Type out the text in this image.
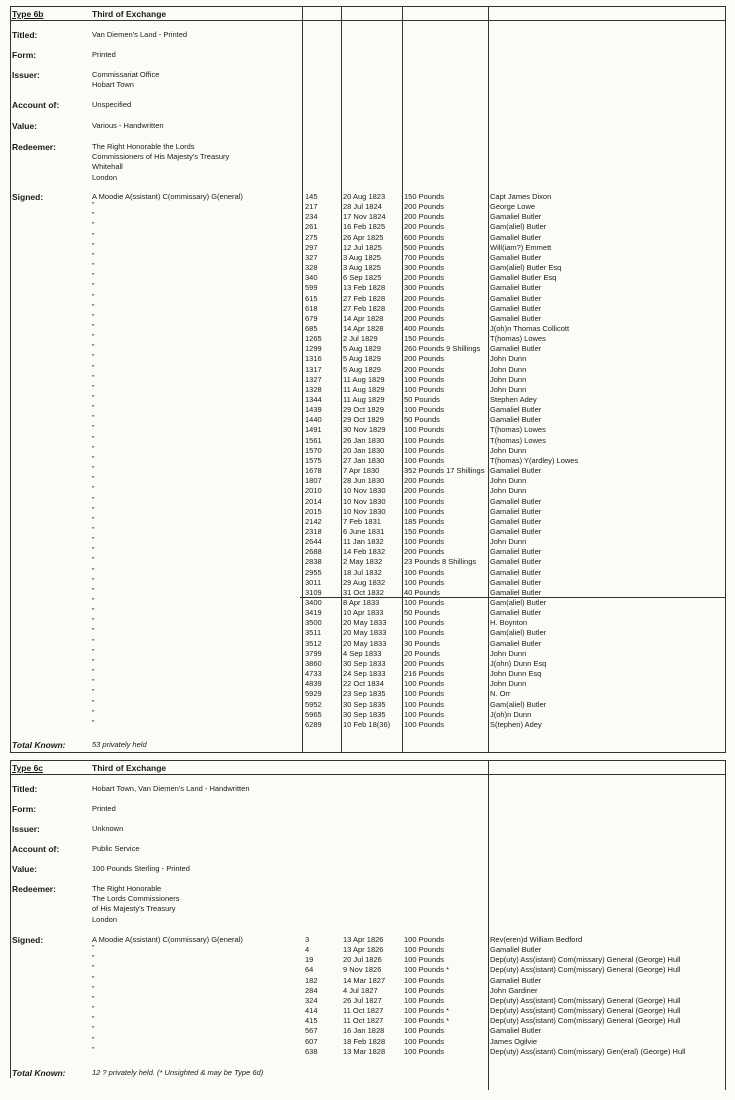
Type 6b	Third of Exchange
Titled:	Van Diemen's Land - Printed
Form:	Printed
Issuer:	Commissariat Office
Hobart Town
Account of:	Unspecified
Value:	Various - Handwritten
Redeemer:	The Right Honorable the Lords
Commissioners of His Majesty's Treasury
Whitehall
London
Signed:	A Moodie A(ssistant) C(ommissary) G(eneral)	145	20 Aug 1823	150 Pounds	Capt James Dixon
"	217	28 Jul 1824	200 Pounds	George Lowe
"	234	17 Nov 1824 200 Pounds	Gamaliel Butler
"	261	16 Feb 1825	200 Pounds	Gam(aliel) Butler
"	275	26 Apr 1825	600 Pounds	Gamaliel Butler
"	297	12 Jul 1825	500 Pounds	Will(iam?) Emmett
"	327	3 Aug 1825	700 Pounds	Gamaliel Butler
"	328	3 Aug 1825	300 Pounds	Gam(aliel) Butler Esq
"	340	6 Sep 1825	200 Pounds	Gamaliel Butler Esq
"	599	13 Feb 1828	300 Pounds	Gamaliel Butler
"	615	27 Feb 1828	200 Pounds	Gamaliel Butler
"	618	27 Feb 1828	200 Pounds	Gamaliel Butler
"	679	14 Apr 1828	200 Pounds	Gamaliel Butler
"	685	14 Apr 1828	400 Pounds	J(oh)n Thomas Collicott
"	1265	2 Jul 1829	150 Pounds	T(homas) Lowes
"	1299	5 Aug 1829	260 Pounds 9 Shillings Gamaliel Butler
"	1316	5 Aug 1829	200 Pounds	John Dunn
"	1317	5 Aug 1829	200 Pounds	John Dunn
"	1327	11 Aug 1829	100 Pounds	John Dunn
"	1328	11 Aug 1829	100 Pounds	John Dunn
"	1344	11 Aug 1829	50 Pounds	Stephen Adey
"	1439	29 Oct 1829	100 Pounds	Gamaliel Butler
"	1440	29 Oct 1829	50 Pounds	Gamaliel Butler
"	1491	30 Nov 1829 100 Pounds	T(homas) Lowes
"	1561	26 Jan 1830	100 Pounds	T(homas) Lowes
"	1570	20 Jan 1830	100 Pounds	John Dunn
"	1575	27 Jan 1830	100 Pounds	T(homas) Y(ardley) Lowes
"	1678	7 Apr 1830	352 Pounds 17 Shillings Gamaliel Butler
"	1807	28 Jun 1830	200 Pounds	John Dunn
"	2010	10 Nov 1830 200 Pounds	John Dunn
"	2014	10 Nov 1830 100 Pounds	Gamaliel Butler
"	2015	10 Nov 1830 100 Pounds	Gamaliel Butler
"	2142	7 Feb 1831	185 Pounds	Gamaliel Butler
"	2318	6 June 1831	150 Pounds	Gamaliel Butler
"	2644	11 Jan 1832	100 Pounds	John Dunn
"	2688	14 Feb 1832	200 Pounds	Gamaliel Butler
"	2838	2 May 1832	23 Pounds 8 Shillings Gamaliel Butler
"	2955	18 Jul 1832	100 Pounds	Gamaliel Butler
"	3011	29 Aug 1832	100 Pounds	Gamaliel Butler
"	3109	31 Oct 1832	40 Pounds	Gamaliel Butler
"	3400	8 Apr 1833	100 Pounds	Gam(aliel) Butler
"	3419	10 Apr 1833	50 Pounds	Gamaliel Butler
"	3500	20 May 1833 100 Pounds	H. Boynton
"	3511	20 May 1833 100 Pounds	Gam(aliel) Butler
"	3512	20 May 1833 30 Pounds	Gamaliel Butler
"	3799	4 Sep 1833	20 Pounds	John Dunn
"	3860	30 Sep 1833 200 Pounds	J(ohn) Dunn Esq
"	4733	24 Sep 1833 216 Pounds	John Dunn Esq
"	4839	22 Oct 1834	100 Pounds	John Dunn
"	5929	23 Sep 1835 100 Pounds	N. Orr
"	5952	30 Sep 1835 100 Pounds	Gam(aliel) Butler
"	5965	30 Sep 1835 100 Pounds	J(oh)n Dunn
"	6289	10 Feb 18(36) 100 Pounds	S(tephen) Adey
Total Known:	53 privately held
Type 6c	Third of Exchange
Titled:	Hobart Town, Van Diemen's Land - Handwritten
Form:	Printed
Issuer:	Unknown
Account of:	Public Service
Value:	100 Pounds Sterling - Printed
Redeemer:	The Right Honorable
The Lords Commissioners
of His Majesty's Treasury
London
Signed:	A Moodie A(ssistant) C(ommissary) G(eneral)	3	13 Apr 1826	100 Pounds	Rev(eren)d William Bedford
"	4	13 Apr 1826	100 Pounds	Gamaliel Butler
"	19	20 Jul 1826	100 Pounds	Dep(uty) Ass(istant) Com(missary) General (George) Hull
"	64	9 Nov 1826	100 Pounds *	Dep(uty) Ass(istant) Com(missary) General (George) Hull
"	182	14 Mar 1827	100 Pounds	Gamaliel Butler
"	284	4 Jul 1827	100 Pounds	John Gardiner
"	324	26 Jul 1827	100 Pounds	Dep(uty) Ass(istant) Com(missary) General (George) Hull
"	414	11 Oct 1827	100 Pounds *	Dep(uty) Ass(istant) Com(missary) General (George) Hull
"	415	11 Oct 1827	100 Pounds *	Dep(uty) Ass(istant) Com(missary) General (George) Hull
"	567	16 Jan 1828	100 Pounds	Gamaliel Butler
"	607	18 Feb 1828	100 Pounds	James Ogilvie
"	638	13 Mar 1828	100 Pounds	Dep(uty) Ass(istant) Com(missary) Gen(eral) (George) Hull
Total Known:	12 ? privately held. (* Unsighted & may be Type 6d)
